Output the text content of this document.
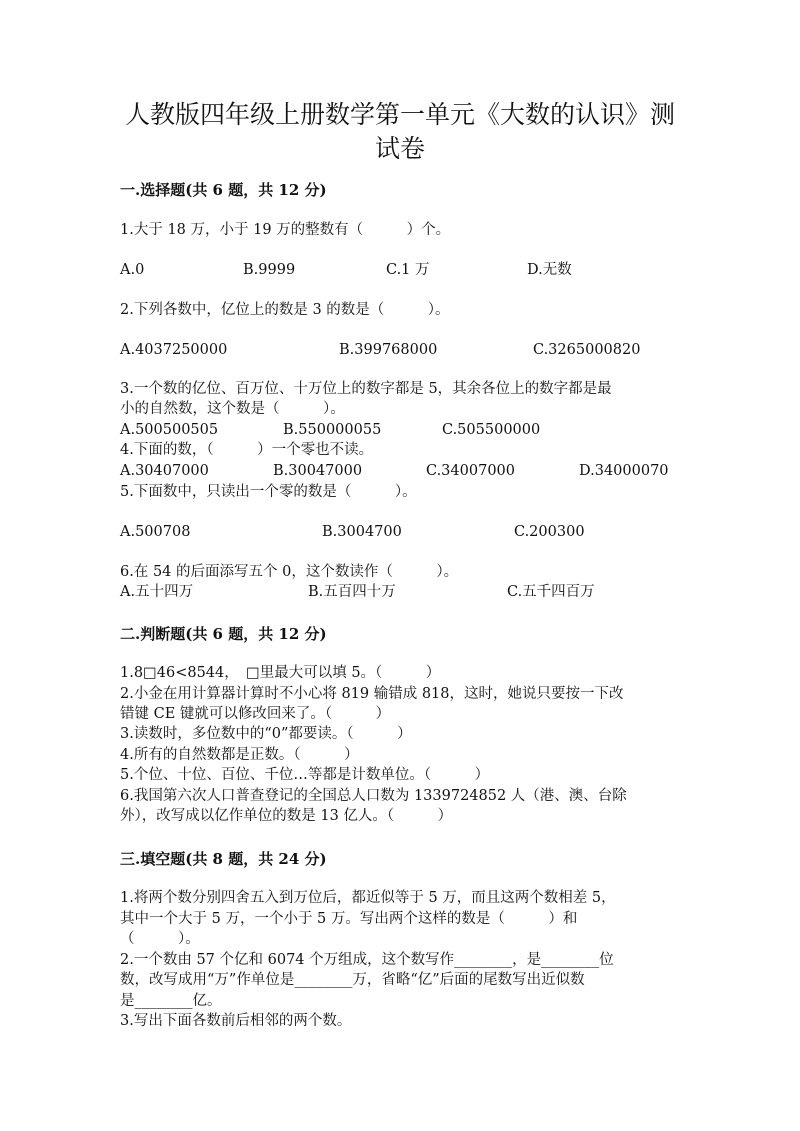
人教版四年级上册数学第一单元《大数的认识》测
试卷
一.选择题(共 6 题，共 12 分)
1.大于 18 万，小于 19 万的整数有（　　　）个。
A.0	B.9999	C.1 万	D.无数
2.下列各数中，亿位上的数是 3 的数是（　　　）。
A.4037250000	B.399768000	C.3265000820
3.一个数的亿位、百万位、十万位上的数字都是 5，其余各位上的数字都是最
小的自然数，这个数是（　　　）。
A.500500505	B.550000055	C.505500000
4.下面的数，（　　　）一个零也不读。
A.30407000	B.30047000	C.34007000	D.34000070
5.下面数中，只读出一个零的数是（　　　）。
A.500708	B.3004700	C.200300
6.在 54 的后面添写五个 0，这个数读作（　　　）。
A.五十四万	B.五百四十万	C.五千四百万
二.判断题(共 6 题，共 12 分)
1.8□46<8544，　□里最大可以填 5。（　　　）
2.小金在用计算器计算时不小心将 819 输错成 818，这时，她说只要按一下改
错键 CE 键就可以修改回来了。（　　　）
3.读数时，多位数中的“0”都要读。（　　　）
4.所有的自然数都是正数。（　　　）
5.个位、十位、百位、千位…等都是计数单位。（　　　）
6.我国第六次人口普查登记的全国总人口数为 1339724852 人（港、澳、台除
外），改写成以亿作单位的数是 13 亿人。（　　　）
三.填空题(共 8 题，共 24 分)
1.将两个数分别四舍五入到万位后，都近似等于 5 万，而且这两个数相差 5，
其中一个大于 5 万，一个小于 5 万。写出两个这样的数是（　　　）和
（　　　）。
2.一个数由 57 个亿和 6074 个万组成，这个数写作________，是________位
数，改写成用“万”作单位是________万，省略“亿”后面的尾数写出近似数
是________亿。
3.写出下面各数前后相邻的两个数。
